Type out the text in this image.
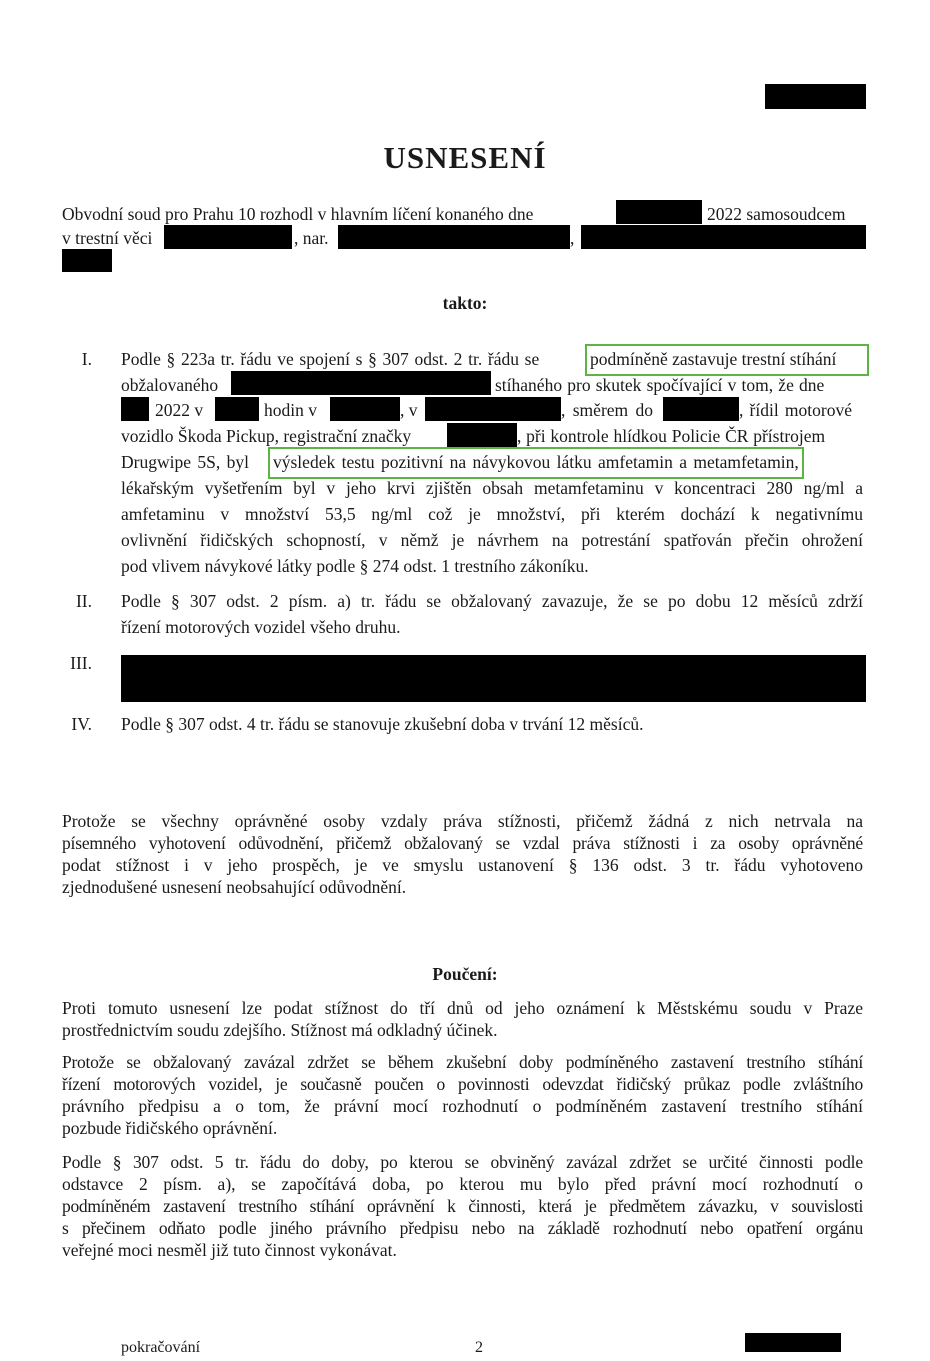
USNESENÍ
Obvodní soud pro Prahu 10 rozhodl v hlavním líčení konaného dne	2022 samosoudcem
v trestní věci	, nar.	,
takto:
I. Podle § 223a tr. řádu ve spojení s § 307 odst. 2 tr. řádu se	podmíněně zastavuje trestní stíhání
obžalovaného	stíhaného pro skutek spočívající v tom, že dne
2022 v	hodin v	, v	, směrem do	, řídil motorové
vozidlo Škoda Pickup, registrační značky	, při kontrole hlídkou Policie ČR přístrojem
Drugwipe 5S, byl výsledek testu pozitivní na návykovou látku amfetamin a metamfetamin,
lékařským vyšetřením byl v jeho krvi zjištěn obsah metamfetaminu v koncentraci 280 ng/ml a
amfetaminu v množství 53,5 ng/ml což je množství, při kterém dochází k negativnímu
ovlivnění řidičských schopností, v němž je návrhem na potrestání spatřován přečin ohrožení
pod vlivem návykové látky podle § 274 odst. 1 trestního zákoníku.
II. Podle § 307 odst. 2 písm. a) tr. řádu se obžalovaný zavazuje, že se po dobu 12 měsíců zdrží
řízení motorových vozidel všeho druhu.
III.
IV. Podle § 307 odst. 4 tr. řádu se stanovuje zkušební doba v trvání 12 měsíců.
Protože se všechny oprávněné osoby vzdaly práva stížnosti, přičemž žádná z nich netrvala na
písemného vyhotovení odůvodnění, přičemž obžalovaný se vzdal práva stížnosti i za osoby oprávněné
podat stížnost i v jeho prospěch, je ve smyslu ustanovení § 136 odst. 3 tr. řádu vyhotoveno
zjednodušené usnesení neobsahující odůvodnění.
Poučení:
Proti tomuto usnesení lze podat stížnost do tří dnů od jeho oznámení k Městskému soudu v Praze
prostřednictvím soudu zdejšího. Stížnost má odkladný účinek.
Protože se obžalovaný zavázal zdržet se během zkušební doby podmíněného zastavení trestního stíhání
řízení motorových vozidel, je současně poučen o povinnosti odevzdat řidičský průkaz podle zvláštního
právního předpisu a o tom, že právní mocí rozhodnutí o podmíněném zastavení trestního stíhání
pozbude řidičského oprávnění.
Podle § 307 odst. 5 tr. řádu do doby, po kterou se obviněný zavázal zdržet se určité činnosti podle
odstavce 2 písm. a), se započítává doba, po kterou mu bylo před právní mocí rozhodnutí o
podmíněném zastavení trestního stíhání oprávnění k činnosti, která je předmětem závazku, v souvislosti
s přečinem odňato podle jiného právního předpisu nebo na základě rozhodnutí nebo opatření orgánu
veřejné moci nesměl již tuto činnost vykonávat.
pokračování	2
